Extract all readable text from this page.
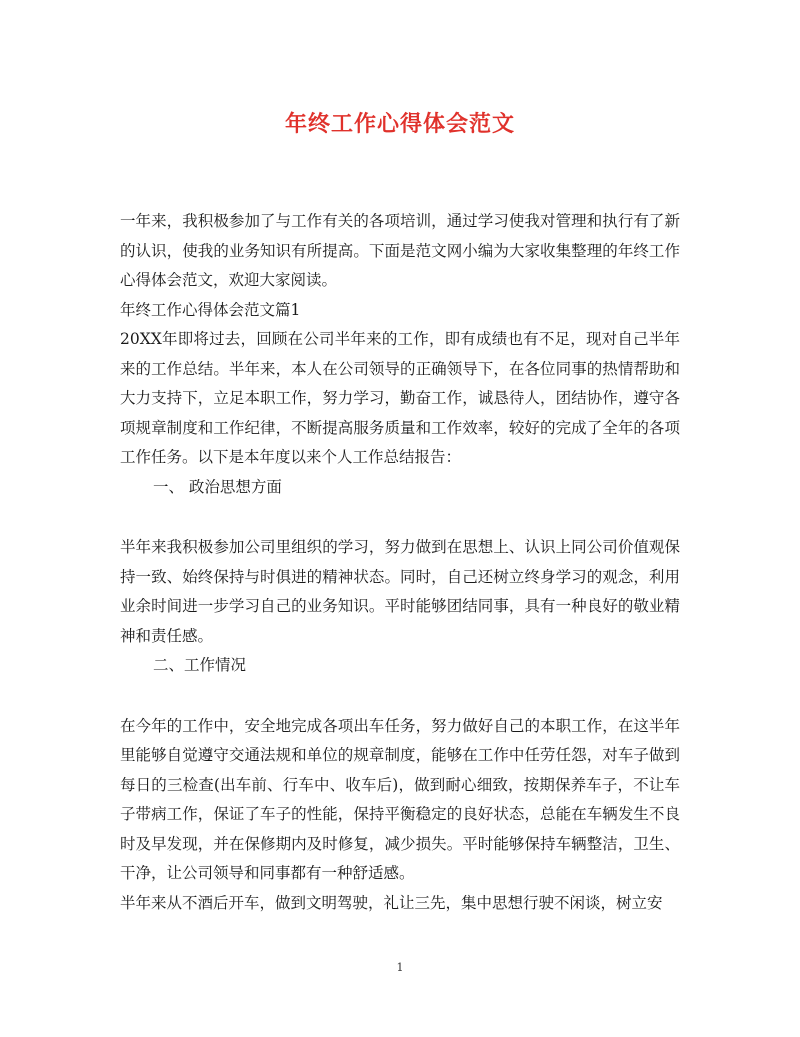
年终工作心得体会范文

一年来，我积极参加了与工作有关的各项培训，通过学习使我对管理和执行有了新的认识，使我的业务知识有所提高。下面是范文网小编为大家收集整理的年终工作心得体会范文，欢迎大家阅读。

年终工作心得体会范文篇1

20XX年即将过去，回顾在公司半年来的工作，即有成绩也有不足，现对自己半年来的工作总结。半年来，本人在公司领导的正确领导下，在各位同事的热情帮助和大力支持下，立足本职工作，努力学习，勤奋工作，诚恳待人，团结协作，遵守各项规章制度和工作纪律，不断提高服务质量和工作效率，较好的完成了全年的各项工作任务。以下是本年度以来个人工作总结报告：

一、 政治思想方面

半年来我积极参加公司里组织的学习，努力做到在思想上、认识上同公司价值观保持一致、始终保持与时俱进的精神状态。同时，自己还树立终身学习的观念，利用业余时间进一步学习自己的业务知识。平时能够团结同事，具有一种良好的敬业精神和责任感。

二、工作情况

在今年的工作中，安全地完成各项出车任务，努力做好自己的本职工作，在这半年里能够自觉遵守交通法规和单位的规章制度，能够在工作中任劳任怨，对车子做到每日的三检查(出车前、行车中、收车后)，做到耐心细致，按期保养车子，不让车子带病工作，保证了车子的性能，保持平衡稳定的良好状态，总能在车辆发生不良时及早发现，并在保修期内及时修复，减少损失。平时能够保持车辆整洁，卫生、干净，让公司领导和同事都有一种舒适感。

半年来从不酒后开车，做到文明驾驶，礼让三先，集中思想行驶不闲谈，树立安

1
